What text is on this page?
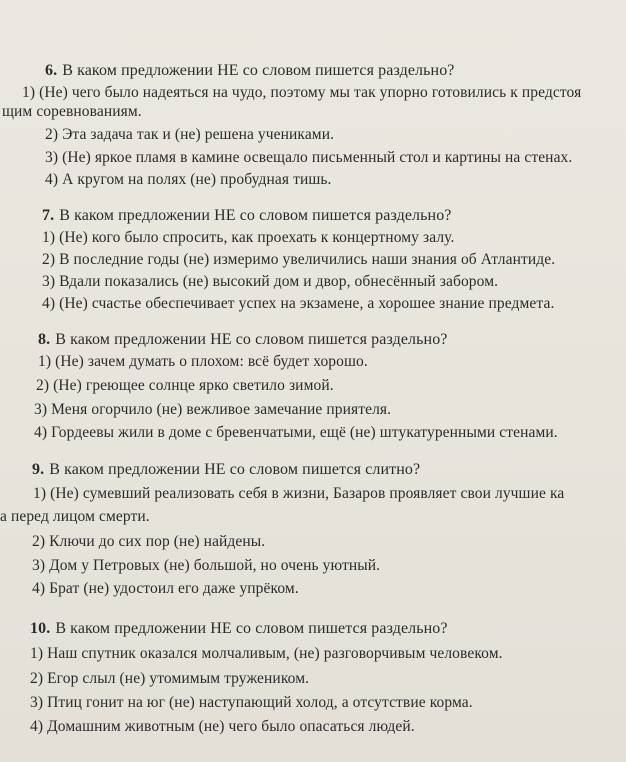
6. В каком предложении НЕ со словом пишется раздельно?
1) (Не) чего было надеяться на чудо, поэтому мы так упорно готовились к предстоя
щим соревнованиям.
2) Эта задача так и (не) решена учениками.
3) (Не) яркое пламя в камине освещало письменный стол и картины на стенах.
4) А кругом на полях (не) пробудная тишь.
7. В каком предложении НЕ со словом пишется раздельно?
1) (Не) кого было спросить, как проехать к концертному залу.
2) В последние годы (не) измеримо увеличились наши знания об Атлантиде.
3) Вдали показались (не) высокий дом и двор, обнесённый забором.
4) (Не) счастье обеспечивает успех на экзамене, а хорошее знание предмета.
8. В каком предложении НЕ со словом пишется раздельно?
1) (Не) зачем думать о плохом: всё будет хорошо.
2) (Не) греющее солнце ярко светило зимой.
3) Меня огорчило (не) вежливое замечание приятеля.
4) Гордеевы жили в доме с бревенчатыми, ещё (не) штукатуренными стенами.
9. В каком предложении НЕ со словом пишется слитно?
1) (Не) сумевший реализовать себя в жизни, Базаров проявляет свои лучшие ка
а перед лицом смерти.
2) Ключи до сих пор (не) найдены.
3) Дом у Петровых (не) большой, но очень уютный.
4) Брат (не) удостоил его даже упрёком.
10. В каком предложении НЕ со словом пишется раздельно?
1) Наш спутник оказался молчаливым, (не) разговорчивым человеком.
2) Егор слыл (не) утомимым тружеником.
3) Птиц гонит на юг (не) наступающий холод, а отсутствие корма.
4) Домашним животным (не) чего было опасаться людей.
